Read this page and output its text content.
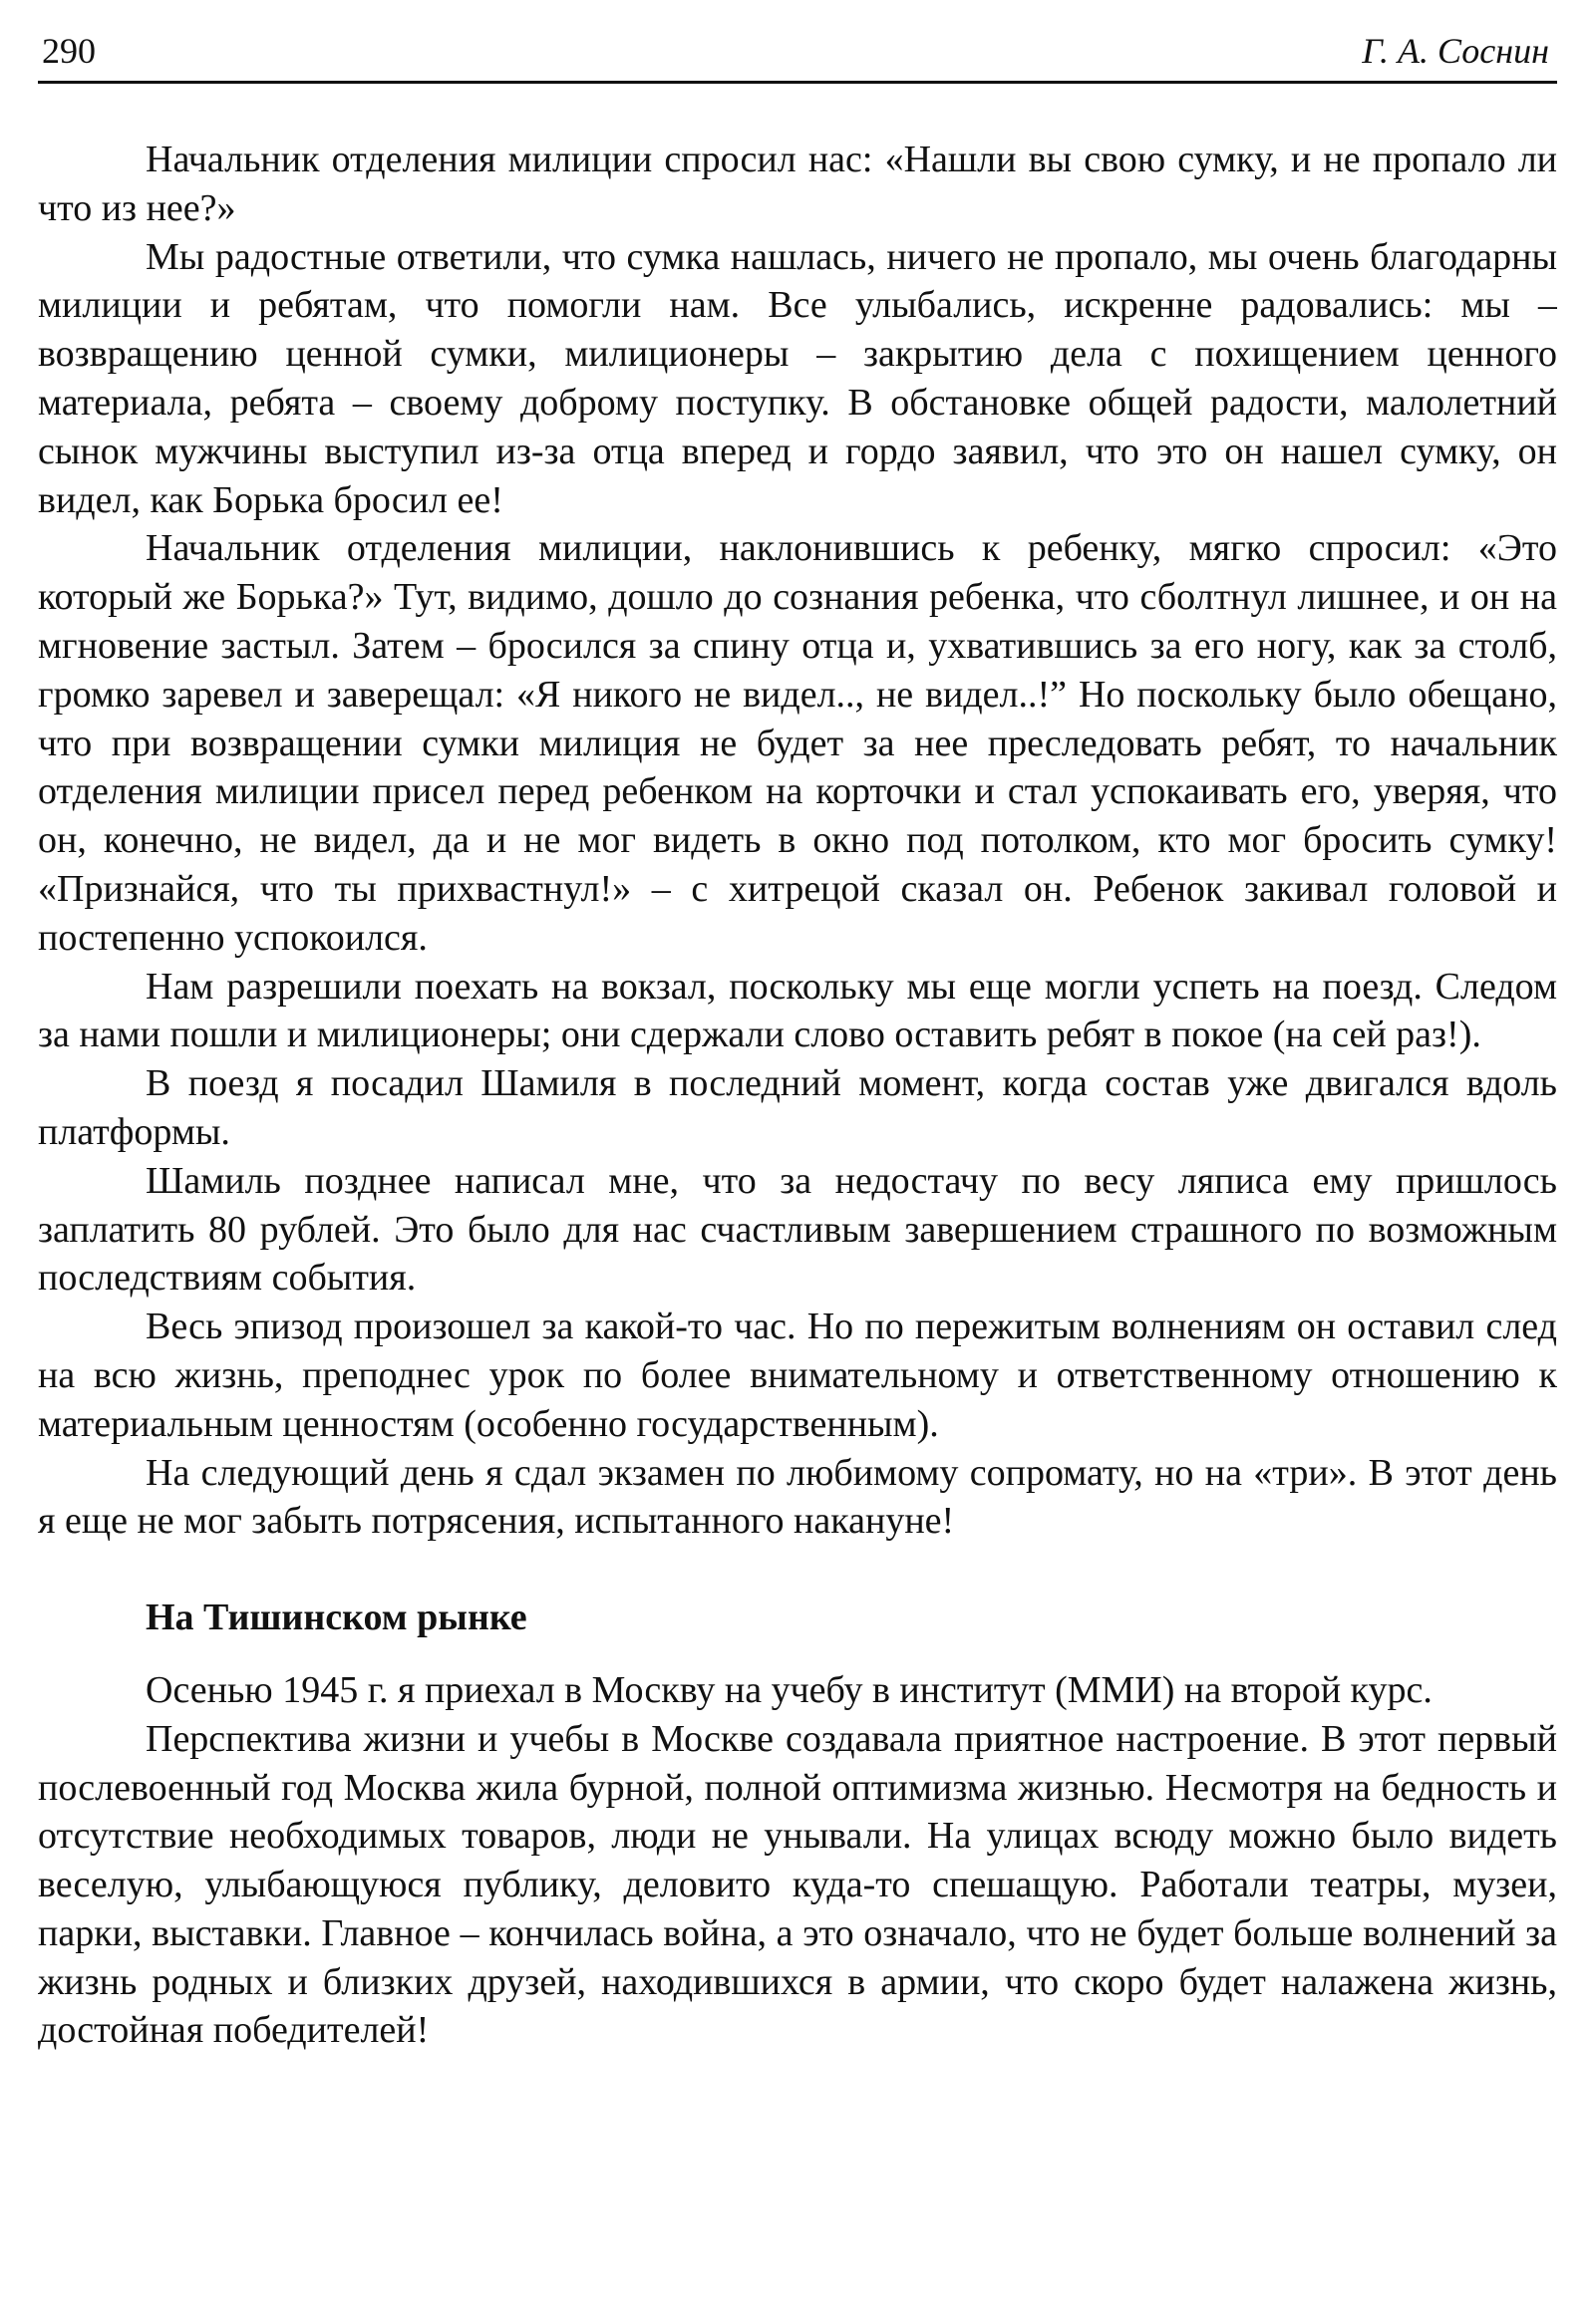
290	Г. А. Соснин

Начальник отделения милиции спросил нас: «Нашли вы свою сумку, и не пропало ли что из нее?»

Мы радостные ответили, что сумка нашлась, ничего не пропало, мы очень благодарны милиции и ребятам, что помогли нам. Все улыбались, искренне радовались: мы – возвращению ценной сумки, милиционеры – закрытию дела с похищением ценного материала, ребята – своему доброму поступку. В обстановке общей радости, малолетний сынок мужчины выступил из-за отца вперед и гордо заявил, что это он нашел сумку, он видел, как Борька бросил ее!

Начальник отделения милиции, наклонившись к ребенку, мягко спросил: «Это который же Борька?» Тут, видимо, дошло до сознания ребенка, что сболтнул лишнее, и он на мгновение застыл. Затем – бросился за спину отца и, ухватившись за его ногу, как за столб, громко заревел и заверещал: «Я никого не видел.., не видел..!” Но поскольку было обещано, что при возвращении сумки милиция не будет за нее преследовать ребят, то начальник отделения милиции присел перед ребенком на корточки и стал успокаивать его, уверяя, что он, конечно, не видел, да и не мог видеть в окно под потолком, кто мог бросить сумку! «Признайся, что ты прихвастнул!» – с хитрецой сказал он. Ребенок закивал головой и постепенно успокоился.

Нам разрешили поехать на вокзал, поскольку мы еще могли успеть на поезд. Следом за нами пошли и милиционеры; они сдержали слово оставить ребят в покое (на сей раз!).

В поезд я посадил Шамиля в последний момент, когда состав уже двигался вдоль платформы.

Шамиль позднее написал мне, что за недостачу по весу ляписа ему пришлось заплатить 80 рублей. Это было для нас счастливым завершением страшного по возможным последствиям события.

Весь эпизод произошел за какой-то час. Но по пережитым волнениям он оставил след на всю жизнь, преподнес урок по более внимательному и ответственному отношению к материальным ценностям (особенно государственным).

На следующий день я сдал экзамен по любимому сопромату, но на «три». В этот день я еще не мог забыть потрясения, испытанного накануне!

На Тишинском рынке

Осенью 1945 г. я приехал в Москву на учебу в институт (ММИ) на второй курс.

Перспектива жизни и учебы в Москве создавала приятное настроение. В этот первый послевоенный год Москва жила бурной, полной оптимизма жизнью. Несмотря на бедность и отсутствие необходимых товаров, люди не унывали. На улицах всюду можно было видеть веселую, улыбающуюся публику, деловито куда-то спешащую. Работали театры, музеи, парки, выставки. Главное – кончилась война, а это означало, что не будет больше волнений за жизнь родных и близких друзей, находившихся в армии, что скоро будет налажена жизнь, достойная победителей!
